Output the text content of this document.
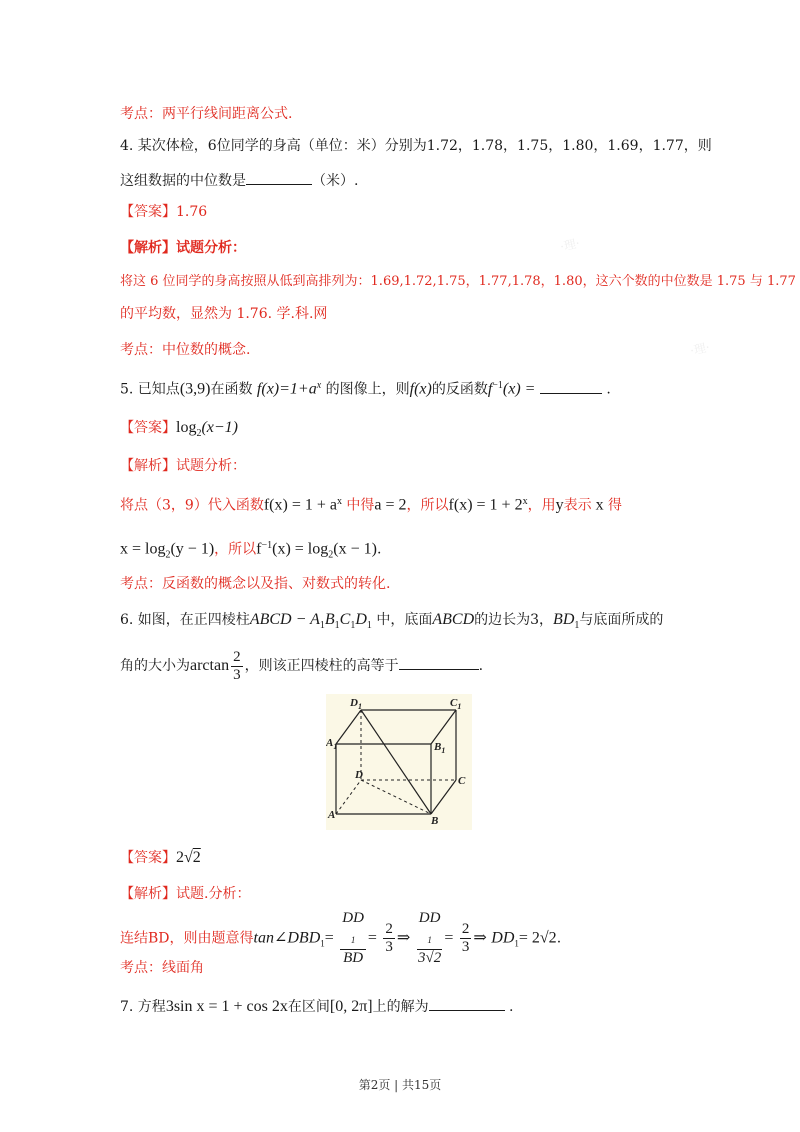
·理·
·理·
考点：两平行线间距离公式.
4. 某次体检，6位同学的身高（单位：米）分别为1.72，1.78，1.75，1.80，1.69，1.77，则
这组数据的中位数是	（米）.
【答案】1.76
【解析】试题分析：
将这 6 位同学的身高按照从低到高排列为：1.69,1.72,1.75，1.77,1.78，1.80，这六个数的中位数是 1.75 与 1.77
的平均数，显然为 1.76. 学.科.网
考点：中位数的概念.
5. 已知点(3,9)在函数 $f(x)=1+a^x$ 的图像上，则f(x)的反函数$f^{-1}(x)$ =	.
【答案】$\log_2(x-1)$
【解析】试题分析：
将点（3，9）代入函数$f(x) = 1 + a^x$ 中得a = 2，所以$f(x) = 1 + 2^x$，用y表示 x 得
$x = \log_2(y - 1)$，所以$f^{-1}(x) = \log_2(x - 1)$.
考点：反函数的概念以及指、对数式的转化.
6. 如图，在正四棱柱ABCD − $A_1B_1C_1D_1$ 中，底面ABCD的边长为3，$BD_1$与底面所成的
角的大小为$\arctan \frac{2}{3}$ ，则该正四棱柱的高等于	.
$D_1$	$C_1$
$A_1$	$B_1$
D	C
A	B
【答案】2√2
【解析】试题.分析：
连结BD，则由题意得$\tan\angle DBD_1=$ DD
$_1$
BD = $\frac{2}{3}$ ⇒ DD
$_1$
$3√2 = \frac{2}{3}$ ⇒ $DD_1= 2√2$.
考点：线面角
7. 方程3sin x = 1 + cos 2x在区间[0, 2π]上的解为	.
第2页 | 共15页
